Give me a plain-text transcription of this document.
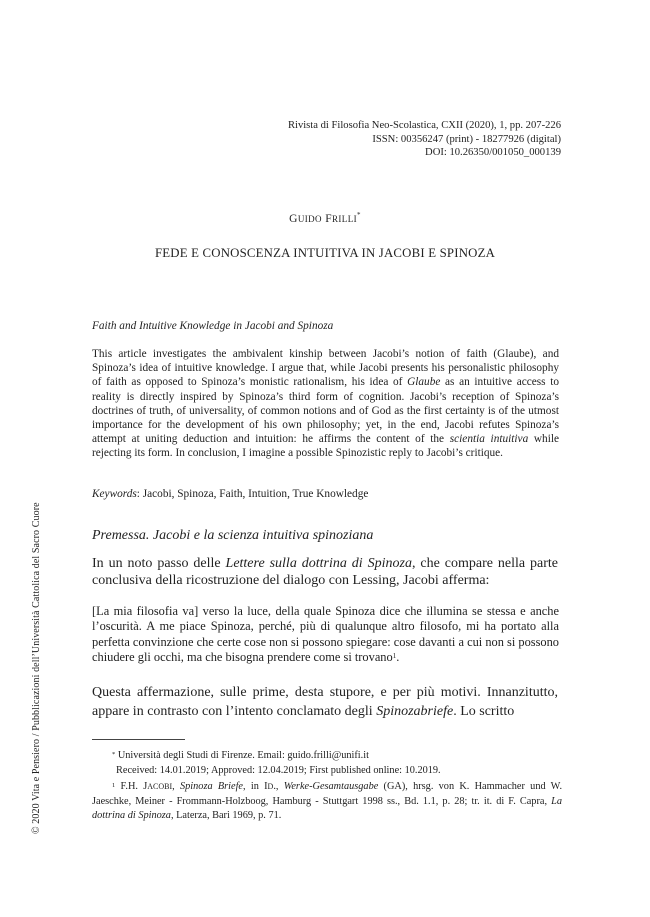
Rivista di Filosofia Neo-Scolastica, CXII (2020), 1, pp. 207-226
ISSN: 00356247 (print) - 18277926 (digital)
DOI: 10.26350/001050_000139
GUIDO FRILLI*
FEDE E CONOSCENZA INTUITIVA IN JACOBI E SPINOZA
Faith and Intuitive Knowledge in Jacobi and Spinoza
This article investigates the ambivalent kinship between Jacobi’s notion of faith (Glaube), and Spinoza’s idea of intuitive knowledge. I argue that, while Jacobi presents his personalistic philosophy of faith as opposed to Spinoza’s monistic rationalism, his idea of Glaube as an intuitive access to reality is directly inspired by Spinoza’s third form of cognition. Jacobi’s reception of Spinoza’s doctrines of truth, of universality, of common notions and of God as the first certainty is of the utmost importance for the development of his own philosophy; yet, in the end, Jacobi refutes Spinoza’s attempt at uniting deduction and intuition: he affirms the content of the scientia intuitiva while rejecting its form. In conclusion, I imagine a possible Spinozistic reply to Jacobi’s critique.
Keywords: Jacobi, Spinoza, Faith, Intuition, True Knowledge
Premessa. Jacobi e la scienza intuitiva spinoziana
In un noto passo delle Lettere sulla dottrina di Spinoza, che compare nella parte conclusiva della ricostruzione del dialogo con Lessing, Jacobi afferma:
[La mia filosofia va] verso la luce, della quale Spinoza dice che illumina se stessa e anche l’oscurità. A me piace Spinoza, perché, più di qualunque altro filosofo, mi ha portato alla perfetta convinzione che certe cose non si possono spiegare: cose davanti a cui non si possono chiudere gli occhi, ma che bisogna prendere come si trovano$^1$.
Questa affermazione, sulle prime, desta stupore, e per più motivi. Innanzitutto, appare in contrasto con l’intento conclamato degli Spinozabriefe. Lo scritto
* Università degli Studi di Firenze. Email: guido.frilli@unifi.it
Received: 14.01.2019; Approved: 12.04.2019; First published online: 10.2019.
$^1$ F.H. JACOBI, Spinoza Briefe, in ID., Werke-Gesamtausgabe (GA), hrsg. von K. Hammacher und W. Jaeschke, Meiner - Frommann-Holzboog, Hamburg - Stuttgart 1998 ss., Bd. 1.1, p. 28; tr. it. di F. Capra, La dottrina di Spinoza, Laterza, Bari 1969, p. 71.
© 2020 Vita e Pensiero / Pubblicazioni dell’Università Cattolica del Sacro Cuore
